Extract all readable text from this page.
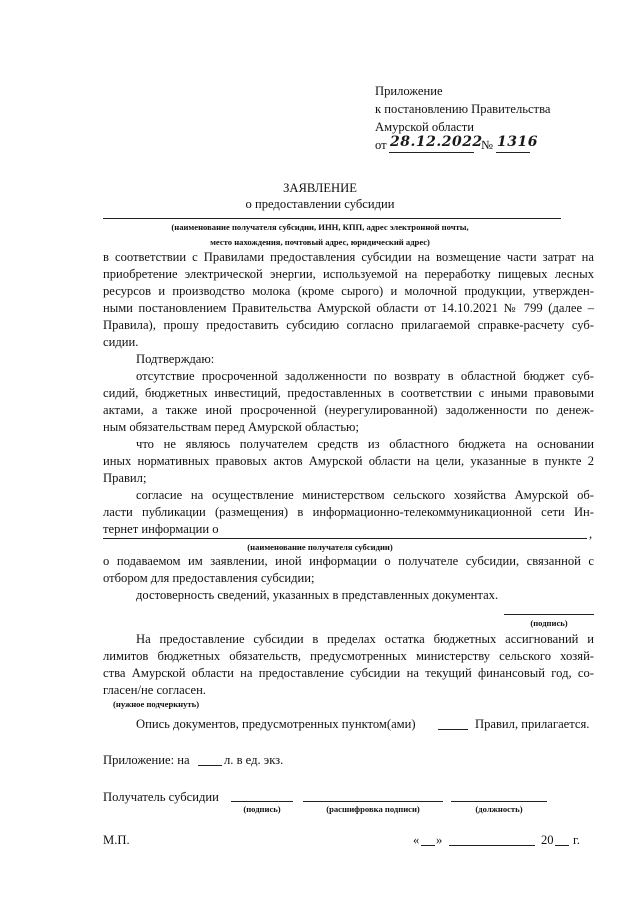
Приложение
к постановлению Правительства
Амурской области
от 28.12.2022
№ 1316
ЗАЯВЛЕНИЕ
о предоставлении субсидии
(наименование получателя субсидии, ИНН, КПП, адрес электронной почты,
место нахождения, почтовый адрес, юридический адрес)
в соответствии с Правилами предоставления субсидии на возмещение части затрат на
приобретение электрической энергии, используемой на переработку пищевых лесных
ресурсов и производство молока (кроме сырого) и молочной продукции, утвержден-
ными постановлением Правительства Амурской области от 14.10.2021 № 799 (далее –
Правила), прошу предоставить субсидию согласно прилагаемой справке-расчету суб-
сидии.
Подтверждаю:
отсутствие просроченной задолженности по возврату в областной бюджет суб-
сидий, бюджетных инвестиций, предоставленных в соответствии с иными правовыми
актами, а также иной просроченной (неурегулированной) задолженности по денеж-
ным обязательствам перед Амурской областью;
что не являюсь получателем средств из областного бюджета на основании
иных нормативных правовых актов Амурской области на цели, указанные в пункте 2
Правил;
согласие на осуществление министерством сельского хозяйства Амурской об-
ласти публикации (размещения) в информационно-телекоммуникационной сети Ин-
тернет информации о	,
(наименование получателя субсидии)
о подаваемом им заявлении, иной информации о получателе субсидии, связанной с
отбором для предоставления субсидии;
достоверность сведений, указанных в представленных документах.
(подпись)
На предоставление субсидии в пределах остатка бюджетных ассигнований и
лимитов бюджетных обязательств, предусмотренных министерству сельского хозяй-
ства Амурской области на предоставление субсидии на текущий финансовый год, со-
гласен/не согласен.
(нужное подчеркнуть)
Опись документов, предусмотренных пунктом(ами)	Правил, прилагается.
Приложение: на	л. в ед. экз.
Получатель субсидии
(подпись)	(расшифровка подписи)	(должность)
М.П.	« »	20 г.
